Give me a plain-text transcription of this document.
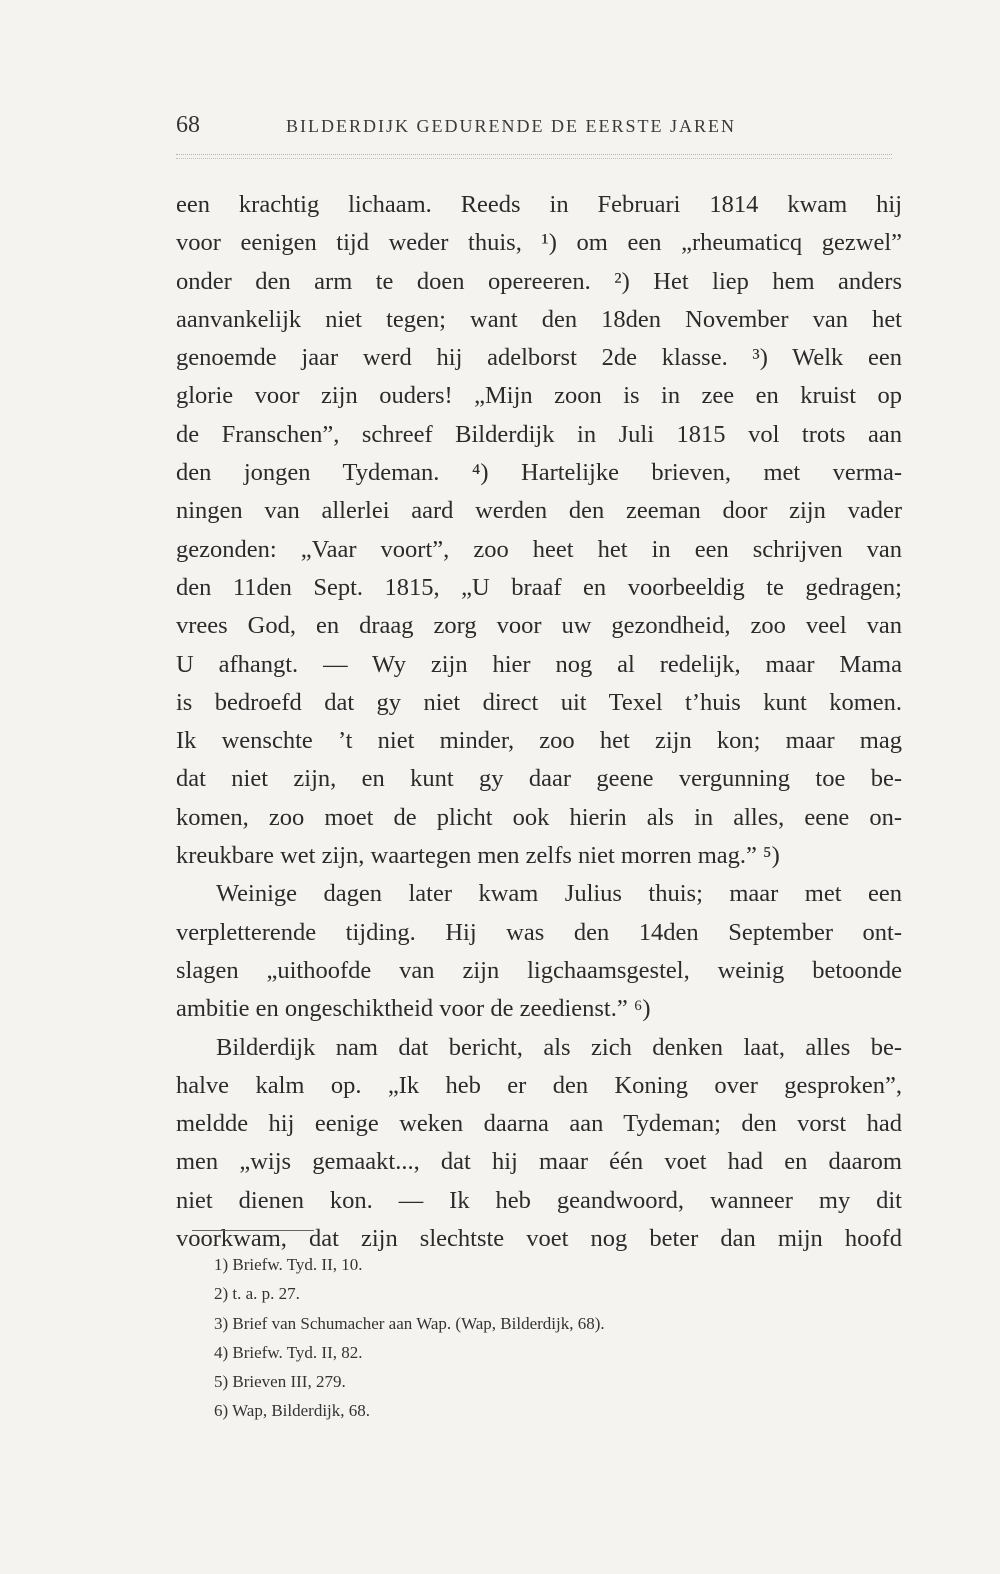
68	BILDERDIJK GEDURENDE DE EERSTE JAREN
een krachtig lichaam. Reeds in Februari 1814 kwam hij
voor eenigen tijd weder thuis, ¹) om een „rheumaticq gezwel”
onder den arm te doen opereeren. ²) Het liep hem anders
aanvankelijk niet tegen; want den 18den November van het
genoemde jaar werd hij adelborst 2de klasse. ³) Welk een
glorie voor zijn ouders! „Mijn zoon is in zee en kruist op
de Franschen”, schreef Bilderdijk in Juli 1815 vol trots aan
den jongen Tydeman. ⁴) Hartelijke brieven, met verma-
ningen van allerlei aard werden den zeeman door zijn vader
gezonden: „Vaar voort”, zoo heet het in een schrijven van
den 11den Sept. 1815, „U braaf en voorbeeldig te gedragen;
vrees God, en draag zorg voor uw gezondheid, zoo veel van
U afhangt. — Wy zijn hier nog al redelijk, maar Mama
is bedroefd dat gy niet direct uit Texel t’huis kunt komen.
Ik wenschte ’t niet minder, zoo het zijn kon; maar mag
dat niet zijn, en kunt gy daar geene vergunning toe be-
komen, zoo moet de plicht ook hierin als in alles, eene on-
kreukbare wet zijn, waartegen men zelfs niet morren mag.” ⁵)
Weinige dagen later kwam Julius thuis; maar met een
verpletterende tijding. Hij was den 14den September ont-
slagen „uithoofde van zijn ligchaamsgestel, weinig betoonde
ambitie en ongeschiktheid voor de zeedienst.” ⁶)
Bilderdijk nam dat bericht, als zich denken laat, alles be-
halve kalm op. „Ik heb er den Koning over gesproken”,
meldde hij eenige weken daarna aan Tydeman; den vorst had
men „wijs gemaakt..., dat hij maar één voet had en daarom
niet dienen kon. — Ik heb geandwoord, wanneer my dit
voorkwam, dat zijn slechtste voet nog beter dan mijn hoofd
1) Briefw. Tyd. II, 10.
2) t. a. p. 27.
3) Brief van Schumacher aan Wap. (Wap, Bilderdijk, 68).
4) Briefw. Tyd. II, 82.
5) Brieven III, 279.
6) Wap, Bilderdijk, 68.
